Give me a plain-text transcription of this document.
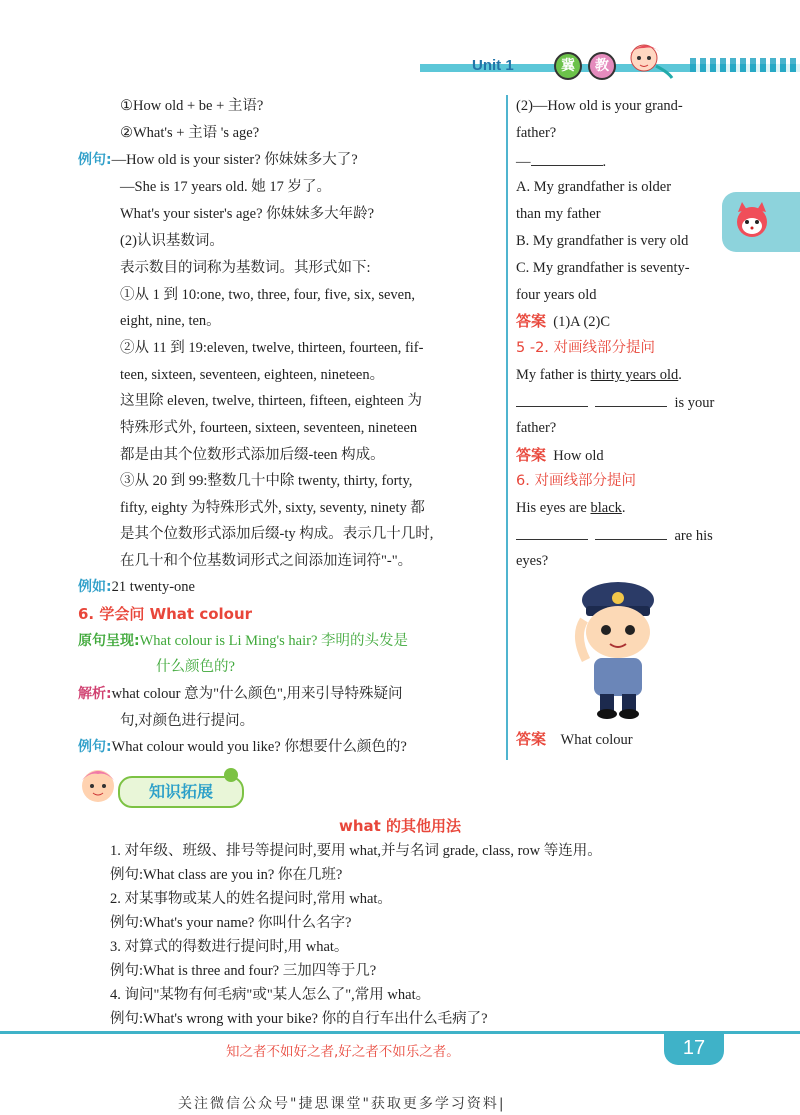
Unit 1	冀	教
①How old + be + 主语?
②What's + 主语 's age?
例句:—How old is your sister? 你妹妹多大了?
—She is 17 years old. 她 17 岁了。
What's your sister's age? 你妹妹多大年龄?
(2)认识基数词。
表示数目的词称为基数词。其形式如下:
①从 1 到 10:one, two, three, four, five, six, seven,
eight, nine, ten。
②从 11 到 19:eleven, twelve, thirteen, fourteen, fif-
teen, sixteen, seventeen, eighteen, nineteen。
这里除 eleven, twelve, thirteen, fifteen, eighteen 为
特殊形式外, fourteen, sixteen, seventeen, nineteen
都是由其个位数形式添加后缀-teen 构成。
③从 20 到 99:整数几十中除 twenty, thirty, forty,
fifty, eighty 为特殊形式外, sixty, seventy, ninety 都
是其个位数形式添加后缀-ty 构成。表示几十几时,
在几十和个位基数词形式之间添加连词符"-"。
例如:21 twenty-one
6. 学会问 What colour
原句呈现:What colour is Li Ming's hair? 李明的头发是
什么颜色的?
解析:what colour 意为"什么颜色",用来引导特殊疑问
句,对颜色进行提问。
例句:What colour would you like? 你想要什么颜色的?
(2)—How old is your grand-
father?
—	.
A. My grandfather is older
than my father
B. My grandfather is very old
C. My grandfather is seventy-
four years old
答案 (1)A (2)C
5 -2. 对画线部分提问
My father is thirty years old.
is your
father?
答案 How old
6. 对画线部分提问
His eyes are black.
are his
eyes?
答案 What colour
知识拓展
what 的其他用法
1. 对年级、班级、排号等提问时,要用 what,并与名词 grade, class, row 等连用。
例句:What class are you in? 你在几班?
2. 对某事物或某人的姓名提问时,常用 what。
例句:What's your name? 你叫什么名字?
3. 对算式的得数进行提问时,用 what。
例句:What is three and four? 三加四等于几?
4. 询问"某物有何毛病"或"某人怎么了",常用 what。
例句:What's wrong with your bike? 你的自行车出什么毛病了?
知之者不如好之者,好之者不如乐之者。	17
关注微信公众号"捷思课堂"获取更多学习资料|
